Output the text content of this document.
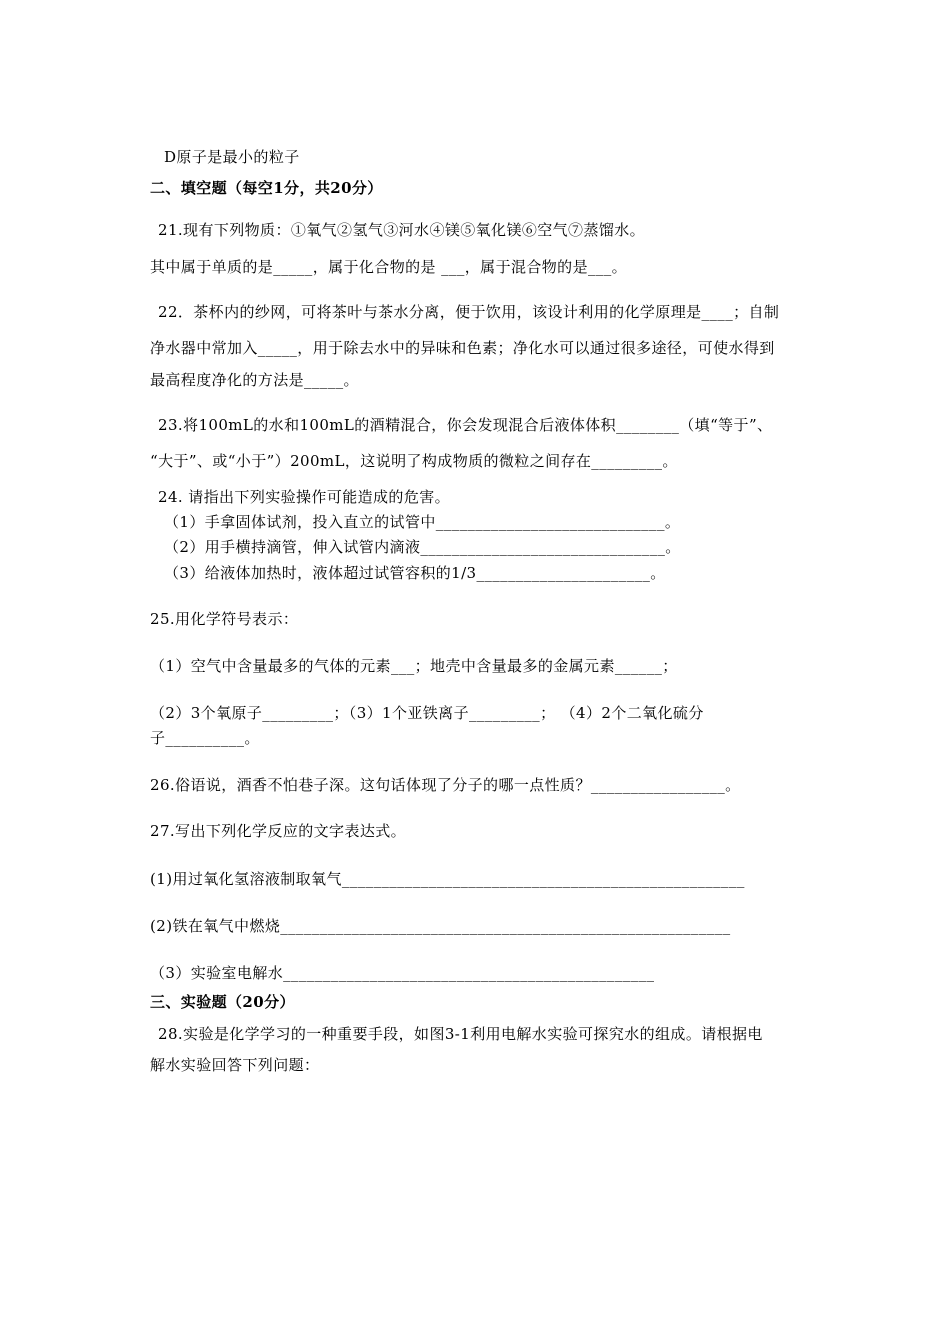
D原子是最小的粒子
二、填空题（每空1分，共20分）
21.现有下列物质：①氧气②氢气③河水④镁⑤氧化镁⑥空气⑦蒸馏水。
其中属于单质的是_____，属于化合物的是 ___，属于混合物的是___。
22．茶杯内的纱网，可将茶叶与茶水分离，便于饮用，该设计利用的化学原理是____；自制
净水器中常加入_____，用于除去水中的异味和色素；净化水可以通过很多途径，可使水得到
最高程度净化的方法是_____。
23.将100mL的水和100mL的酒精混合，你会发现混合后液体体积________（填“等于”、
“大于”、或“小于”）200mL，这说明了构成物质的微粒之间存在_________。
24. 请指出下列实验操作可能造成的危害。
（1）手拿固体试剂，投入直立的试管中_____________________________。
（2）用手横持滴管，伸入试管内滴液_______________________________。
（3）给液体加热时，液体超过试管容积的1/3______________________。
25.用化学符号表示：
（1）空气中含量最多的气体的元素___；地壳中含量最多的金属元素______；
（2）3个氧原子_________；（3）1个亚铁离子_________； （4）2个二氧化硫分
子__________。
26.俗语说，酒香不怕巷子深。这句话体现了分子的哪一点性质？_________________。
27.写出下列化学反应的文字表达式。
(1)用过氧化氢溶液制取氧气___________________________________________________
(2)铁在氧气中燃烧_________________________________________________________
（3）实验室电解水_______________________________________________
三、实验题（20分）
28.实验是化学学习的一种重要手段，如图3-1利用电解水实验可探究水的组成。请根据电
解水实验回答下列问题：
